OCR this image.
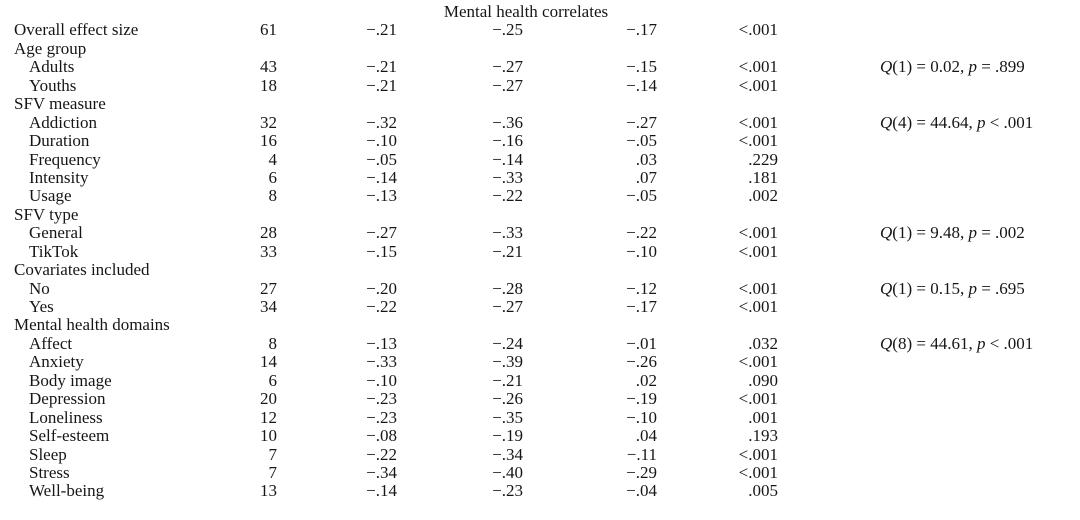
Mental health correlates
Overall effect size	61	−.21	−.25	−.17	<.001
Age group
Adults	43	−.21	−.27	−.15	<.001	Q(1) = 0.02, p = .899
Youths	18	−.21	−.27	−.14	<.001
SFV measure
Addiction	32	−.32	−.36	−.27	<.001	Q(4) = 44.64, p < .001
Duration	16	−.10	−.16	−.05	<.001
Frequency	4	−.05	−.14	.03	.229
Intensity	6	−.14	−.33	.07	.181
Usage	8	−.13	−.22	−.05	.002
SFV type
General	28	−.27	−.33	−.22	<.001	Q(1) = 9.48, p = .002
TikTok	33	−.15	−.21	−.10	<.001
Covariates included
No	27	−.20	−.28	−.12	<.001	Q(1) = 0.15, p = .695
Yes	34	−.22	−.27	−.17	<.001
Mental health domains
Affect	8	−.13	−.24	−.01	.032	Q(8) = 44.61, p < .001
Anxiety	14	−.33	−.39	−.26	<.001
Body image	6	−.10	−.21	.02	.090
Depression	20	−.23	−.26	−.19	<.001
Loneliness	12	−.23	−.35	−.10	.001
Self-esteem	10	−.08	−.19	.04	.193
Sleep	7	−.22	−.34	−.11	<.001
Stress	7	−.34	−.40	−.29	<.001
Well-being	13	−.14	−.23	−.04	.005
